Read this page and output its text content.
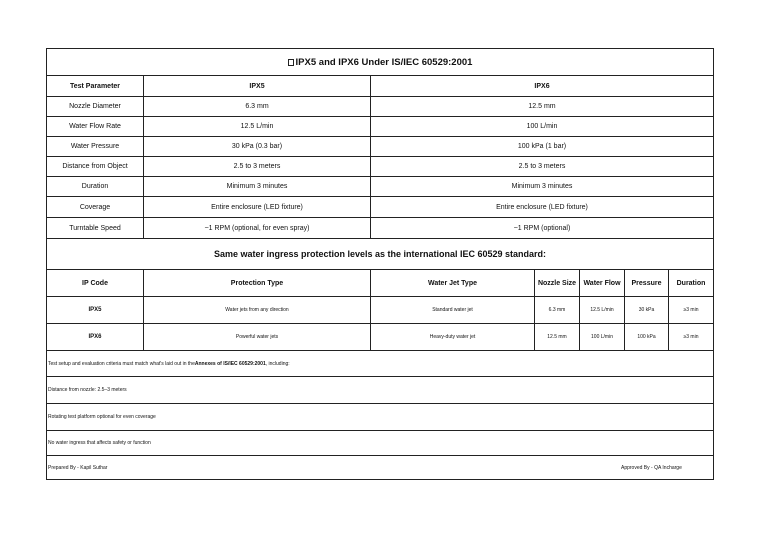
IPX5 and IPX6 Under IS/IEC 60529:2001
Test Parameter	IPX5	IPX6
Nozzle Diameter	6.3 mm	12.5 mm
Water Flow Rate	12.5 L/min	100 L/min
Water Pressure	30 kPa (0.3 bar)	100 kPa (1 bar)
Distance from Object	2.5 to 3 meters	2.5 to 3 meters
Duration	Minimum 3 minutes	Minimum 3 minutes
Coverage	Entire enclosure (LED fixture)	Entire enclosure (LED fixture)
Turntable Speed	~1 RPM (optional, for even spray)	~1 RPM (optional)
Same water ingress protection levels as the international IEC 60529 standard:
IP Code	Protection Type	Water Jet Type	Nozzle Size	Water Flow	Pressure	Duration
IPX5	Water jets from any direction	Standard water jet	6.3 mm	12.5 L/min	30 kPa	≥3 min
IPX6	Powerful water jets	Heavy-duty water jet	12.5 mm	100 L/min	100 kPa	≥3 min
Test setup and evaluation criteria must match what's laid out in the Annexes of IS/IEC 60529:2001 , including:
Distance from nozzle: 2.5–3 meters
Rotating test platform optional for even coverage
No water ingress that affects safety or function
Prepared By - Kapil Suthar	Approved By - QA Incharge
